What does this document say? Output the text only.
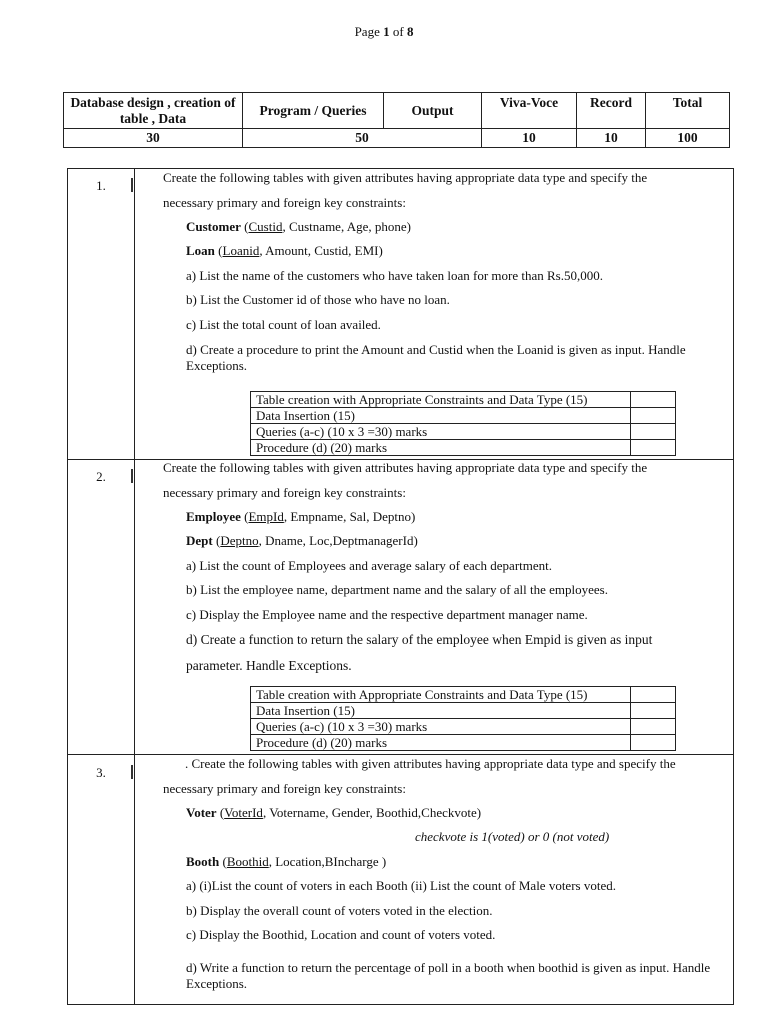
Page 1 of 8
Database design , creation of table , Data	Program / Queries	Output	Viva-Voce	Record	Total
30	50		10	10	100
1.
Create the following tables with given attributes having appropriate data type and specify the
necessary primary and foreign key constraints:
Customer (Custid, Custname, Age, phone)
Loan (Loanid, Amount, Custid, EMI)
a) List the name of the customers who have taken loan for more than Rs.50,000.
b) List the Customer id of those who have no loan.
c) List the total count of loan availed.
d) Create a procedure to print the Amount and Custid when the Loanid is given as input. Handle Exceptions.
Table creation with Appropriate Constraints and Data Type (15)	
Data Insertion (15)	
Queries (a-c) (10 x 3 =30) marks	
Procedure (d) (20) marks	
2.
Create the following tables with given attributes having appropriate data type and specify the
necessary primary and foreign key constraints:
Employee (EmpId, Empname, Sal, Deptno)
Dept (Deptno, Dname, Loc,DeptmanagerId)
a) List the count of Employees and average salary of each department.
b) List the employee name, department name and the salary of all the employees.
c) Display the Employee name and the respective department manager name.
d) Create a function to return the salary of the employee when Empid is given as input
parameter. Handle Exceptions.
Table creation with Appropriate Constraints and Data Type (15)	
Data Insertion (15)	
Queries (a-c) (10 x 3 =30) marks	
Procedure (d) (20) marks	
3.
. Create the following tables with given attributes having appropriate data type and specify the
necessary primary and foreign key constraints:
Voter (VoterId, Votername, Gender, Boothid,Checkvote)
checkvote is 1(voted) or 0 (not voted)
Booth (Boothid, Location,BIncharge )
a) (i)List the count of voters in each Booth (ii) List the count of Male voters voted.
b) Display the overall count of voters voted in the election.
c) Display the Boothid, Location and count of voters voted.
d) Write a function to return the percentage of poll in a booth when boothid is given as input. Handle Exceptions.
